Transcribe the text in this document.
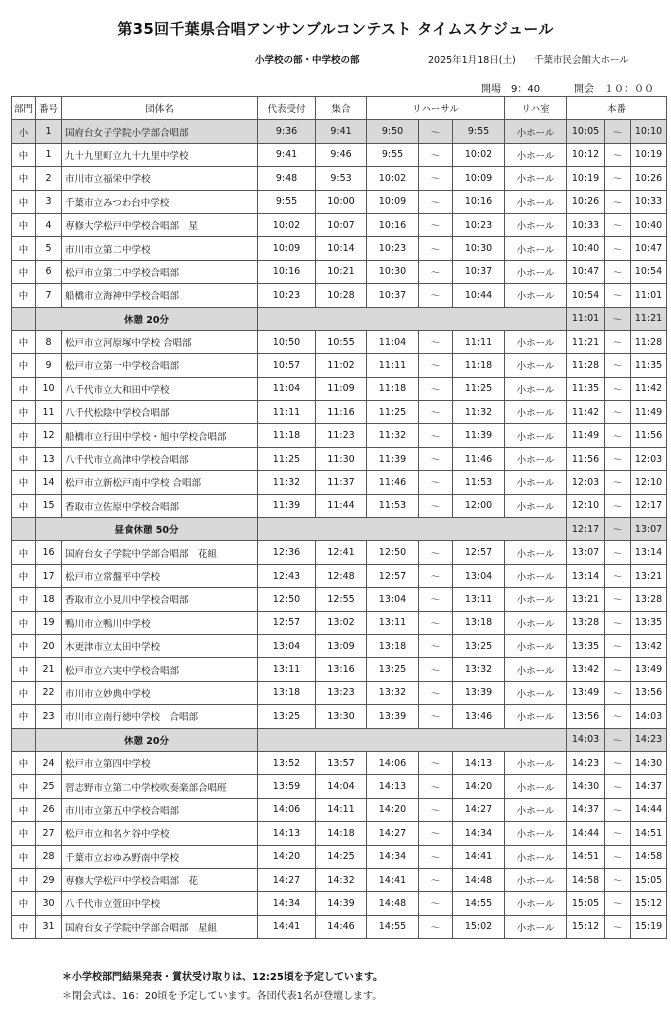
第35回千葉県合唱アンサンブルコンテスト タイムスケジュール
小学校の部・中学校の部	2025年1月18日(土) 千葉市民会館大ホール
開場　9：40	開会　１０：００
部門	番号	団体名	代表受付	集合	リハーサル			リハ室	本番		
小	1	国府台女子学院小学部合唱部	9:36	9:41	9:50	〜	9:55	小ホール	10:05	〜	10:10
中	1	九十九里町立九十九里中学校	9:41	9:46	9:55	〜	10:02	小ホール	10:12	〜	10:19
中	2	市川市立福栄中学校	9:48	9:53	10:02	〜	10:09	小ホール	10:19	〜	10:26
中	3	千葉市立みつわ台中学校	9:55	10:00	10:09	〜	10:16	小ホール	10:26	〜	10:33
中	4	専修大学松戸中学校合唱部　星	10:02	10:07	10:16	〜	10:23	小ホール	10:33	〜	10:40
中	5	市川市立第二中学校	10:09	10:14	10:23	〜	10:30	小ホール	10:40	〜	10:47
中	6	松戸市立第二中学校合唱部	10:16	10:21	10:30	〜	10:37	小ホール	10:47	〜	10:54
中	7	船橋市立海神中学校合唱部	10:23	10:28	10:37	〜	10:44	小ホール	10:54	〜	11:01
	休憩 20分								11:01	〜	11:21
中	8	松戸市立河原塚中学校 合唱部	10:50	10:55	11:04	〜	11:11	小ホール	11:21	〜	11:28
中	9	松戸市立第一中学校合唱部	10:57	11:02	11:11	〜	11:18	小ホール	11:28	〜	11:35
中	10	八千代市立大和田中学校	11:04	11:09	11:18	〜	11:25	小ホール	11:35	〜	11:42
中	11	八千代松陰中学校合唱部	11:11	11:16	11:25	〜	11:32	小ホール	11:42	〜	11:49
中	12	船橋市立行田中学校・旭中学校合唱部	11:18	11:23	11:32	〜	11:39	小ホール	11:49	〜	11:56
中	13	八千代市立高津中学校合唱部	11:25	11:30	11:39	〜	11:46	小ホール	11:56	〜	12:03
中	14	松戸市立新松戸南中学校 合唱部	11:32	11:37	11:46	〜	11:53	小ホール	12:03	〜	12:10
中	15	香取市立佐原中学校合唱部	11:39	11:44	11:53	〜	12:00	小ホール	12:10	〜	12:17
	昼食休憩 50分								12:17	〜	13:07
中	16	国府台女子学院中学部合唱部　花組	12:36	12:41	12:50	〜	12:57	小ホール	13:07	〜	13:14
中	17	松戸市立常盤平中学校	12:43	12:48	12:57	〜	13:04	小ホール	13:14	〜	13:21
中	18	香取市立小見川中学校合唱部	12:50	12:55	13:04	〜	13:11	小ホール	13:21	〜	13:28
中	19	鴨川市立鴨川中学校	12:57	13:02	13:11	〜	13:18	小ホール	13:28	〜	13:35
中	20	木更津市立太田中学校	13:04	13:09	13:18	〜	13:25	小ホール	13:35	〜	13:42
中	21	松戸市立六実中学校合唱部	13:11	13:16	13:25	〜	13:32	小ホール	13:42	〜	13:49
中	22	市川市立妙典中学校	13:18	13:23	13:32	〜	13:39	小ホール	13:49	〜	13:56
中	23	市川市立南行徳中学校　合唱部	13:25	13:30	13:39	〜	13:46	小ホール	13:56	〜	14:03
	休憩 20分								14:03	〜	14:23
中	24	松戸市立第四中学校	13:52	13:57	14:06	〜	14:13	小ホール	14:23	〜	14:30
中	25	習志野市立第二中学校吹奏楽部合唱班	13:59	14:04	14:13	〜	14:20	小ホール	14:30	〜	14:37
中	26	市川市立第五中学校合唱部	14:06	14:11	14:20	〜	14:27	小ホール	14:37	〜	14:44
中	27	松戸市立和名ケ谷中学校	14:13	14:18	14:27	〜	14:34	小ホール	14:44	〜	14:51
中	28	千葉市立おゆみ野南中学校	14:20	14:25	14:34	〜	14:41	小ホール	14:51	〜	14:58
中	29	専修大学松戸中学校合唱部　花	14:27	14:32	14:41	〜	14:48	小ホール	14:58	〜	15:05
中	30	八千代市立萱田中学校	14:34	14:39	14:48	〜	14:55	小ホール	15:05	〜	15:12
中	31	国府台女子学院中学部合唱部　星組	14:41	14:46	14:55	〜	15:02	小ホール	15:12	〜	15:19
＊小学校部門結果発表・賞状受け取りは、12:25頃を予定しています。
＊閉会式は、16：20頃を予定しています。各団代表1名が登壇します。
